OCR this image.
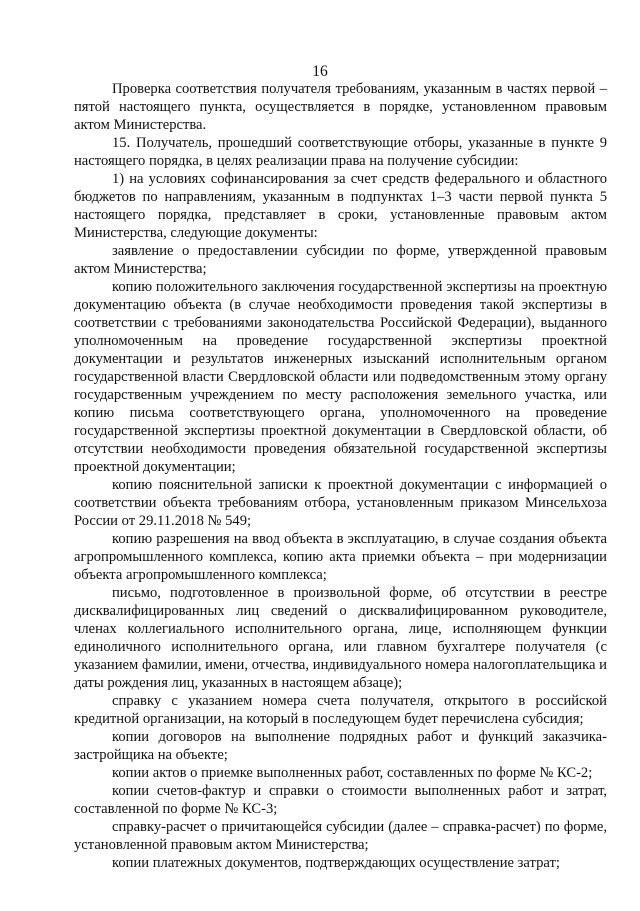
16

Проверка соответствия получателя требованиям, указанным в частях первой – пятой настоящего пункта, осуществляется в порядке, установленном правовым актом Министерства.

15. Получатель, прошедший соответствующие отборы, указанные в пункте 9 настоящего порядка, в целях реализации права на получение субсидии:

1) на условиях софинансирования за счет средств федерального и областного бюджетов по направлениям, указанным в подпунктах 1–3 части первой пункта 5 настоящего порядка, представляет в сроки, установленные правовым актом Министерства, следующие документы:

заявление о предоставлении субсидии по форме, утвержденной правовым актом Министерства;

копию положительного заключения государственной экспертизы на проектную документацию объекта (в случае необходимости проведения такой экспертизы в соответствии с требованиями законодательства Российской Федерации), выданного уполномоченным на проведение государственной экспертизы проектной документации и результатов инженерных изысканий исполнительным органом государственной власти Свердловской области или подведомственным этому органу государственным учреждением по месту расположения земельного участка, или копию письма соответствующего органа, уполномоченного на проведение государственной экспертизы проектной документации в Свердловской области, об отсутствии необходимости проведения обязательной государственной экспертизы проектной документации;

копию пояснительной записки к проектной документации с информацией о соответствии объекта требованиям отбора, установленным приказом Минсельхоза России от 29.11.2018 № 549;

копию разрешения на ввод объекта в эксплуатацию, в случае создания объекта агропромышленного комплекса, копию акта приемки объекта – при модернизации объекта агропромышленного комплекса;

письмо, подготовленное в произвольной форме, об отсутствии в реестре дисквалифицированных лиц сведений о дисквалифицированном руководителе, членах коллегиального исполнительного органа, лице, исполняющем функции единоличного исполнительного органа, или главном бухгалтере получателя (с указанием фамилии, имени, отчества, индивидуального номера налогоплательщика и даты рождения лиц, указанных в настоящем абзаце);

справку с указанием номера счета получателя, открытого в российской кредитной организации, на который в последующем будет перечислена субсидия;

копии договоров на выполнение подрядных работ и функций заказчика-застройщика на объекте;

копии актов о приемке выполненных работ, составленных по форме № КС-2;

копии счетов-фактур и справки о стоимости выполненных работ и затрат, составленной по форме № КС-3;

справку-расчет о причитающейся субсидии (далее – справка-расчет) по форме, установленной правовым актом Министерства;

копии платежных документов, подтверждающих осуществление затрат;
